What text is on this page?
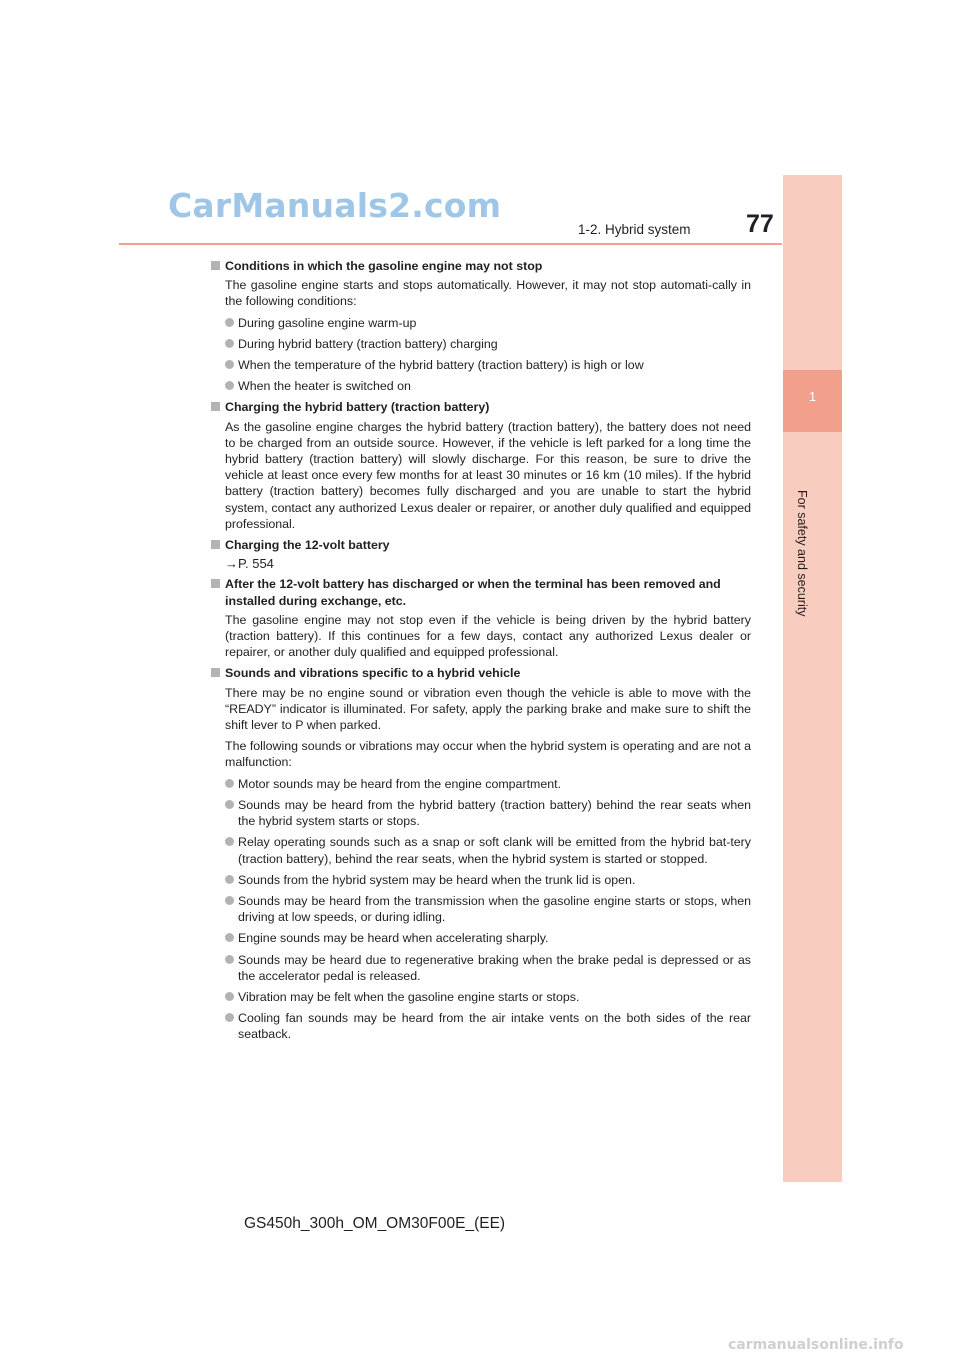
1
For safety and security
CarManuals2.com
1-2. Hybrid system 77
Conditions in which the gasoline engine may not stop
The gasoline engine starts and stops automatically. However, it may not stop automati-cally in the following conditions:
During gasoline engine warm-up
During hybrid battery (traction battery) charging
When the temperature of the hybrid battery (traction battery) is high or low
When the heater is switched on
Charging the hybrid battery (traction battery)
As the gasoline engine charges the hybrid battery (traction battery), the battery does not need to be charged from an outside source. However, if the vehicle is left parked for a long time the hybrid battery (traction battery) will slowly discharge. For this reason, be sure to drive the vehicle at least once every few months for at least 30 minutes or 16 km (10 miles). If the hybrid battery (traction battery) becomes fully discharged and you are unable to start the hybrid system, contact any authorized Lexus dealer or repairer, or another duly qualified and equipped professional.
Charging the 12-volt battery
→P. 554
After the 12-volt battery has discharged or when the terminal has been removed and installed during exchange, etc.
The gasoline engine may not stop even if the vehicle is being driven by the hybrid battery (traction battery). If this continues for a few days, contact any authorized Lexus dealer or repairer, or another duly qualified and equipped professional.
Sounds and vibrations specific to a hybrid vehicle
There may be no engine sound or vibration even though the vehicle is able to move with the “READY” indicator is illuminated. For safety, apply the parking brake and make sure to shift the shift lever to P when parked.
The following sounds or vibrations may occur when the hybrid system is operating and are not a malfunction:
Motor sounds may be heard from the engine compartment.
Sounds may be heard from the hybrid battery (traction battery) behind the rear seats when the hybrid system starts or stops.
Relay operating sounds such as a snap or soft clank will be emitted from the hybrid bat-tery (traction battery), behind the rear seats, when the hybrid system is started or stopped.
Sounds from the hybrid system may be heard when the trunk lid is open.
Sounds may be heard from the transmission when the gasoline engine starts or stops, when driving at low speeds, or during idling.
Engine sounds may be heard when accelerating sharply.
Sounds may be heard due to regenerative braking when the brake pedal is depressed or as the accelerator pedal is released.
Vibration may be felt when the gasoline engine starts or stops.
Cooling fan sounds may be heard from the air intake vents on the both sides of the rear seatback.
GS450h_300h_OM_OM30F00E_(EE)
carmanualsonline.info
